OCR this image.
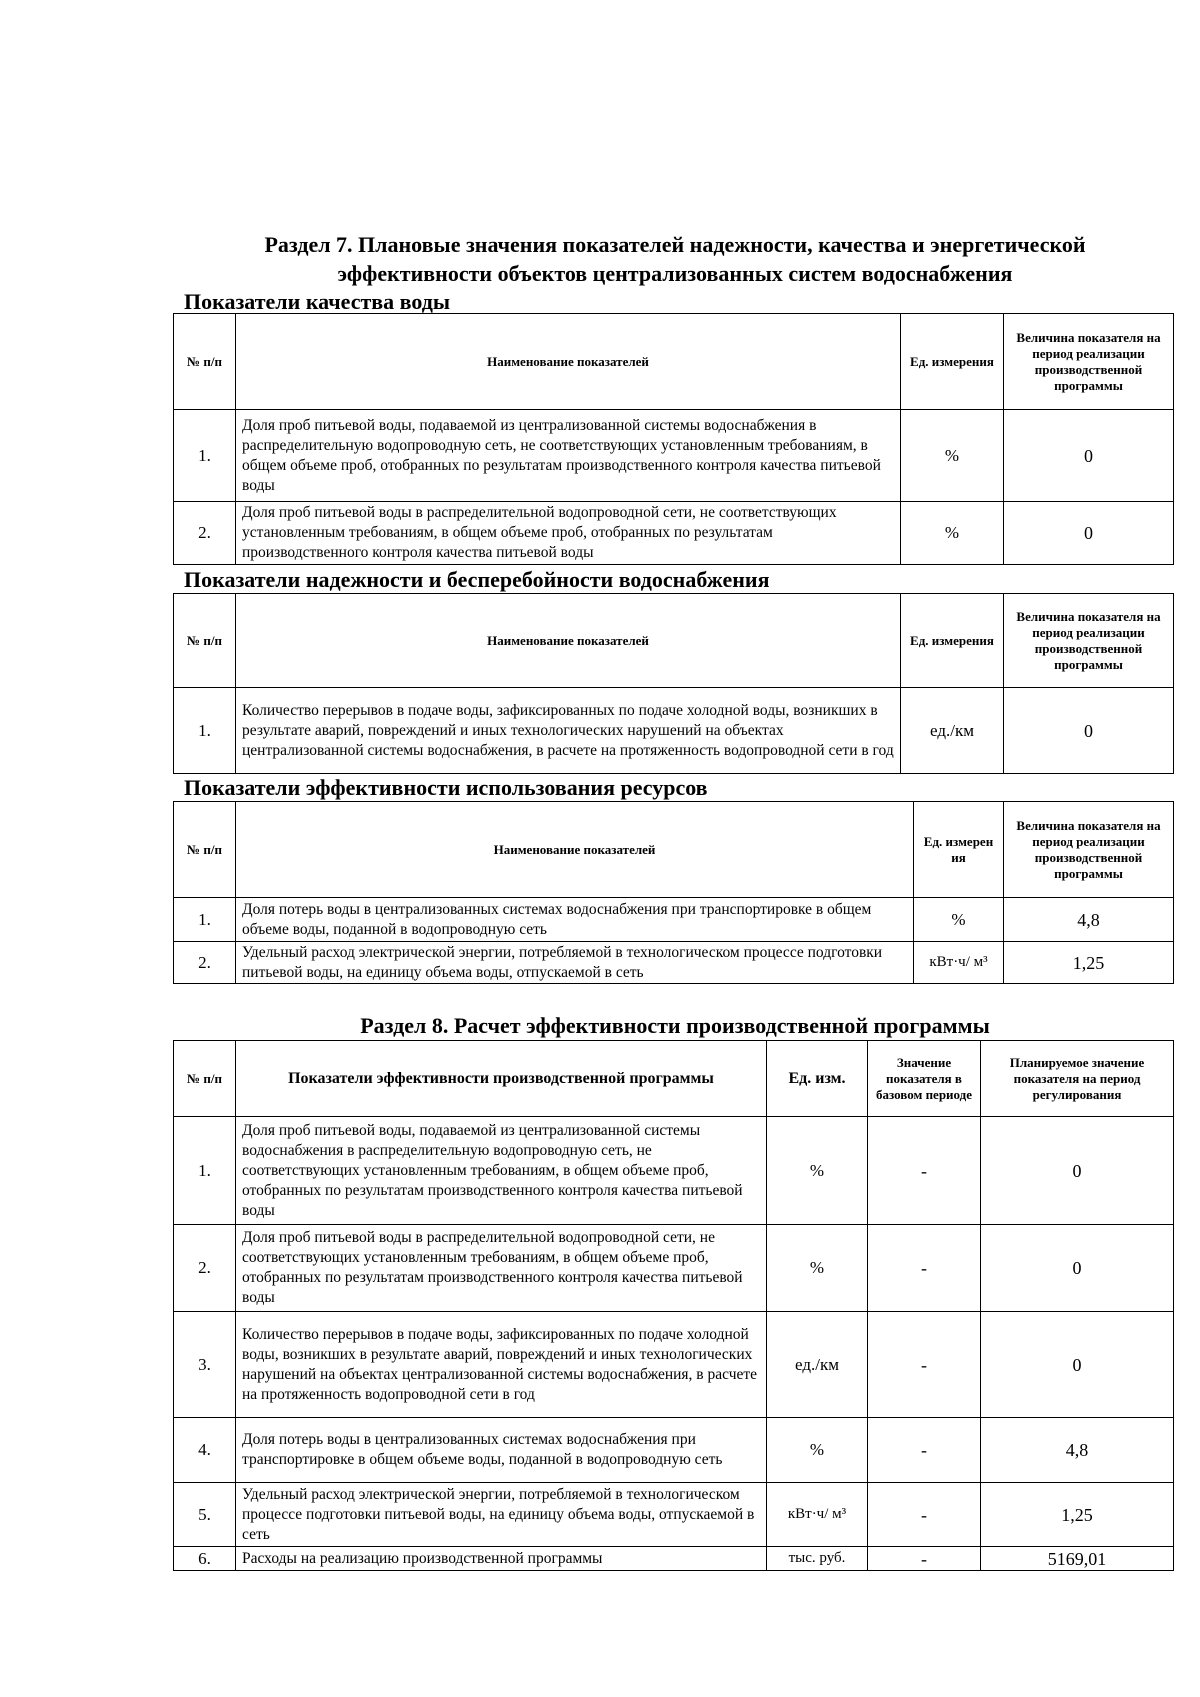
Раздел 7. Плановые значения показателей надежности, качества и энергетической
эффективности объектов централизованных систем водоснабжения
Показатели качества воды
№ п/п	Наименование показателей	Ед. измерения	Величина показателя на период реализации производственной программы
1.	Доля проб питьевой воды, подаваемой из централизованной системы водоснабжения в распределительную водопроводную сеть, не соответствующих установленным требованиям, в общем объеме проб, отобранных по результатам производственного контроля качества питьевой воды	%	0
2.	Доля проб питьевой воды в распределительной водопроводной сети, не соответствующих установленным требованиям, в общем объеме проб, отобранных по результатам производственного контроля качества питьевой воды	%	0
Показатели надежности и бесперебойности водоснабжения
№ п/п	Наименование показателей	Ед. измерения	Величина показателя на период реализации производственной программы
1.	Количество перерывов в подаче воды, зафиксированных по подаче холодной воды, возникших в результате аварий, повреждений и иных технологических нарушений на объектах централизованной системы водоснабжения, в расчете на протяженность водопроводной сети в год	ед./км	0
Показатели эффективности использования ресурсов
№ п/п	Наименование показателей	Ед. измерен ия	Величина показателя на период реализации производственной программы
1.	Доля потерь воды в централизованных системах водоснабжения при транспортировке в общем объеме воды, поданной в водопроводную сеть	%	4,8
2.	Удельный расход электрической энергии, потребляемой в технологическом процессе подготовки питьевой воды, на единицу объема воды, отпускаемой в сеть	кВт·ч/ м³	1,25
Раздел 8. Расчет эффективности производственной программы
№ п/п	Показатели эффективности производственной программы	Ед. изм.	Значение показателя в базовом периоде	Планируемое значение показателя на период регулирования
1.	Доля проб питьевой воды, подаваемой из централизованной системы водоснабжения в распределительную водопроводную сеть, не соответствующих установленным требованиям, в общем объеме проб, отобранных по результатам производственного контроля качества питьевой воды	%	-	0
2.	Доля проб питьевой воды в распределительной водопроводной сети, не соответствующих установленным требованиям, в общем объеме проб, отобранных по результатам производственного контроля качества питьевой воды	%	-	0
3.	Количество перерывов в подаче воды, зафиксированных по подаче холодной воды, возникших в результате аварий, повреждений и иных технологических нарушений на объектах централизованной системы водоснабжения, в расчете на протяженность водопроводной сети в год	ед./км	-	0
4.	Доля потерь воды в централизованных системах водоснабжения при транспортировке в общем объеме воды, поданной в водопроводную сеть	%	-	4,8
5.	Удельный расход электрической энергии, потребляемой в технологическом процессе подготовки питьевой воды, на единицу объема воды, отпускаемой в сеть	кВт·ч/ м³	-	1,25
6.	Расходы на реализацию производственной программы	тыс. руб.	-	5169,01
